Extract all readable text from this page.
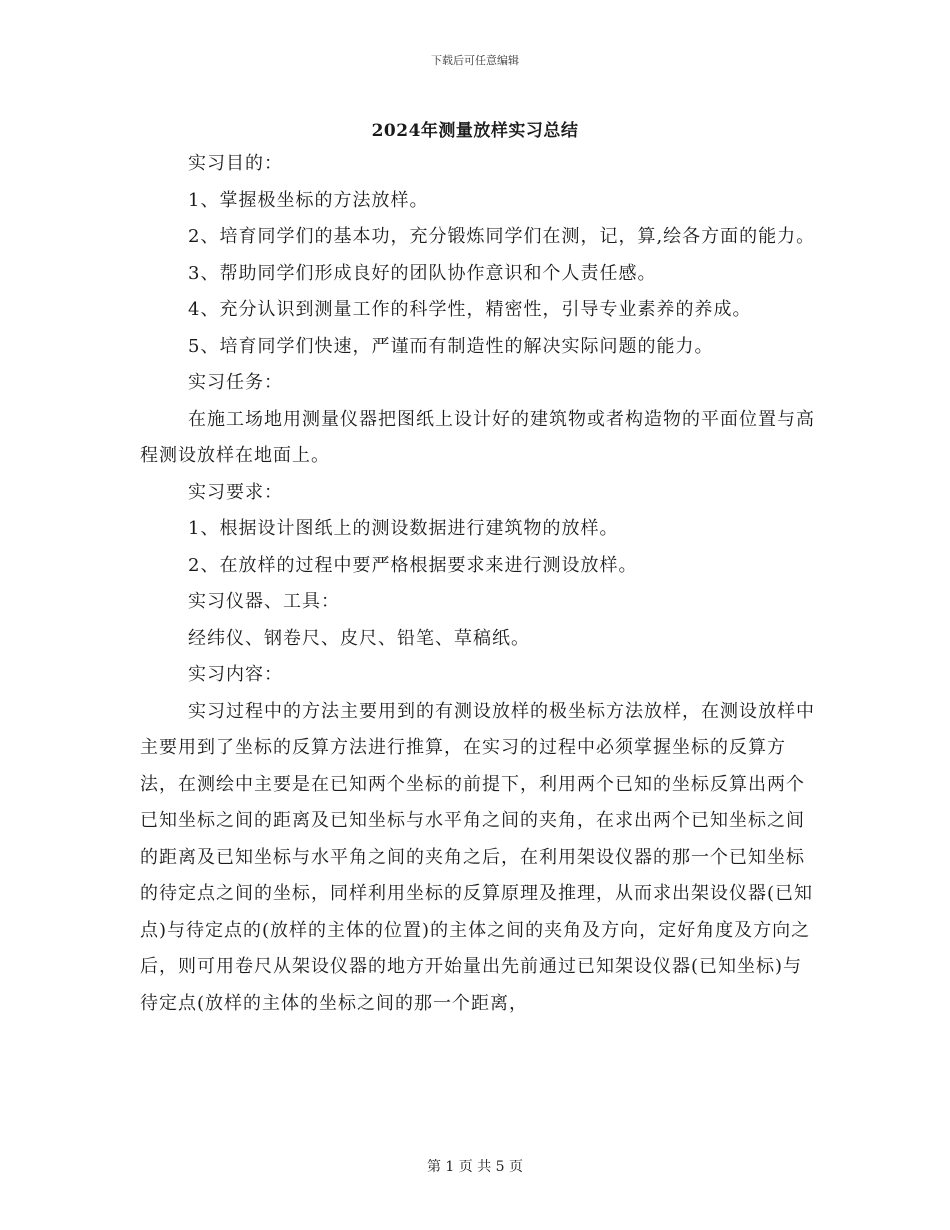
下载后可任意编辑
2024年测量放样实习总结

实习目的：

1、掌握极坐标的方法放样。

2、培育同学们的基本功，充分锻炼同学们在测，记，算,绘各方面的能力。

3、帮助同学们形成良好的团队协作意识和个人责任感。

4、充分认识到测量工作的科学性，精密性，引导专业素养的养成。

5、培育同学们快速，严谨而有制造性的解决实际问题的能力。

实习任务：

在施工场地用测量仪器把图纸上设计好的建筑物或者构造物的平面位置与高程测设放样在地面上。

实习要求：

1、根据设计图纸上的测设数据进行建筑物的放样。

2、在放样的过程中要严格根据要求来进行测设放样。

实习仪器、工具：

经纬仪、钢卷尺、皮尺、铅笔、草稿纸。

实习内容：

实习过程中的方法主要用到的有测设放样的极坐标方法放样，在测设放样中主要用到了坐标的反算方法进行推算，在实习的过程中必须掌握坐标的反算方法，在测绘中主要是在已知两个坐标的前提下，利用两个已知的坐标反算出两个已知坐标之间的距离及已知坐标与水平角之间的夹角，在求出两个已知坐标之间的距离及已知坐标与水平角之间的夹角之后，在利用架设仪器的那一个已知坐标的待定点之间的坐标，同样利用坐标的反算原理及推理，从而求出架设仪器(已知点)与待定点的(放样的主体的位置)的主体之间的夹角及方向，定好角度及方向之后，则可用卷尺从架设仪器的地方开始量出先前通过已知架设仪器(已知坐标)与待定点(放样的主体的坐标之间的那一个距离，

第 1 页 共 5 页
